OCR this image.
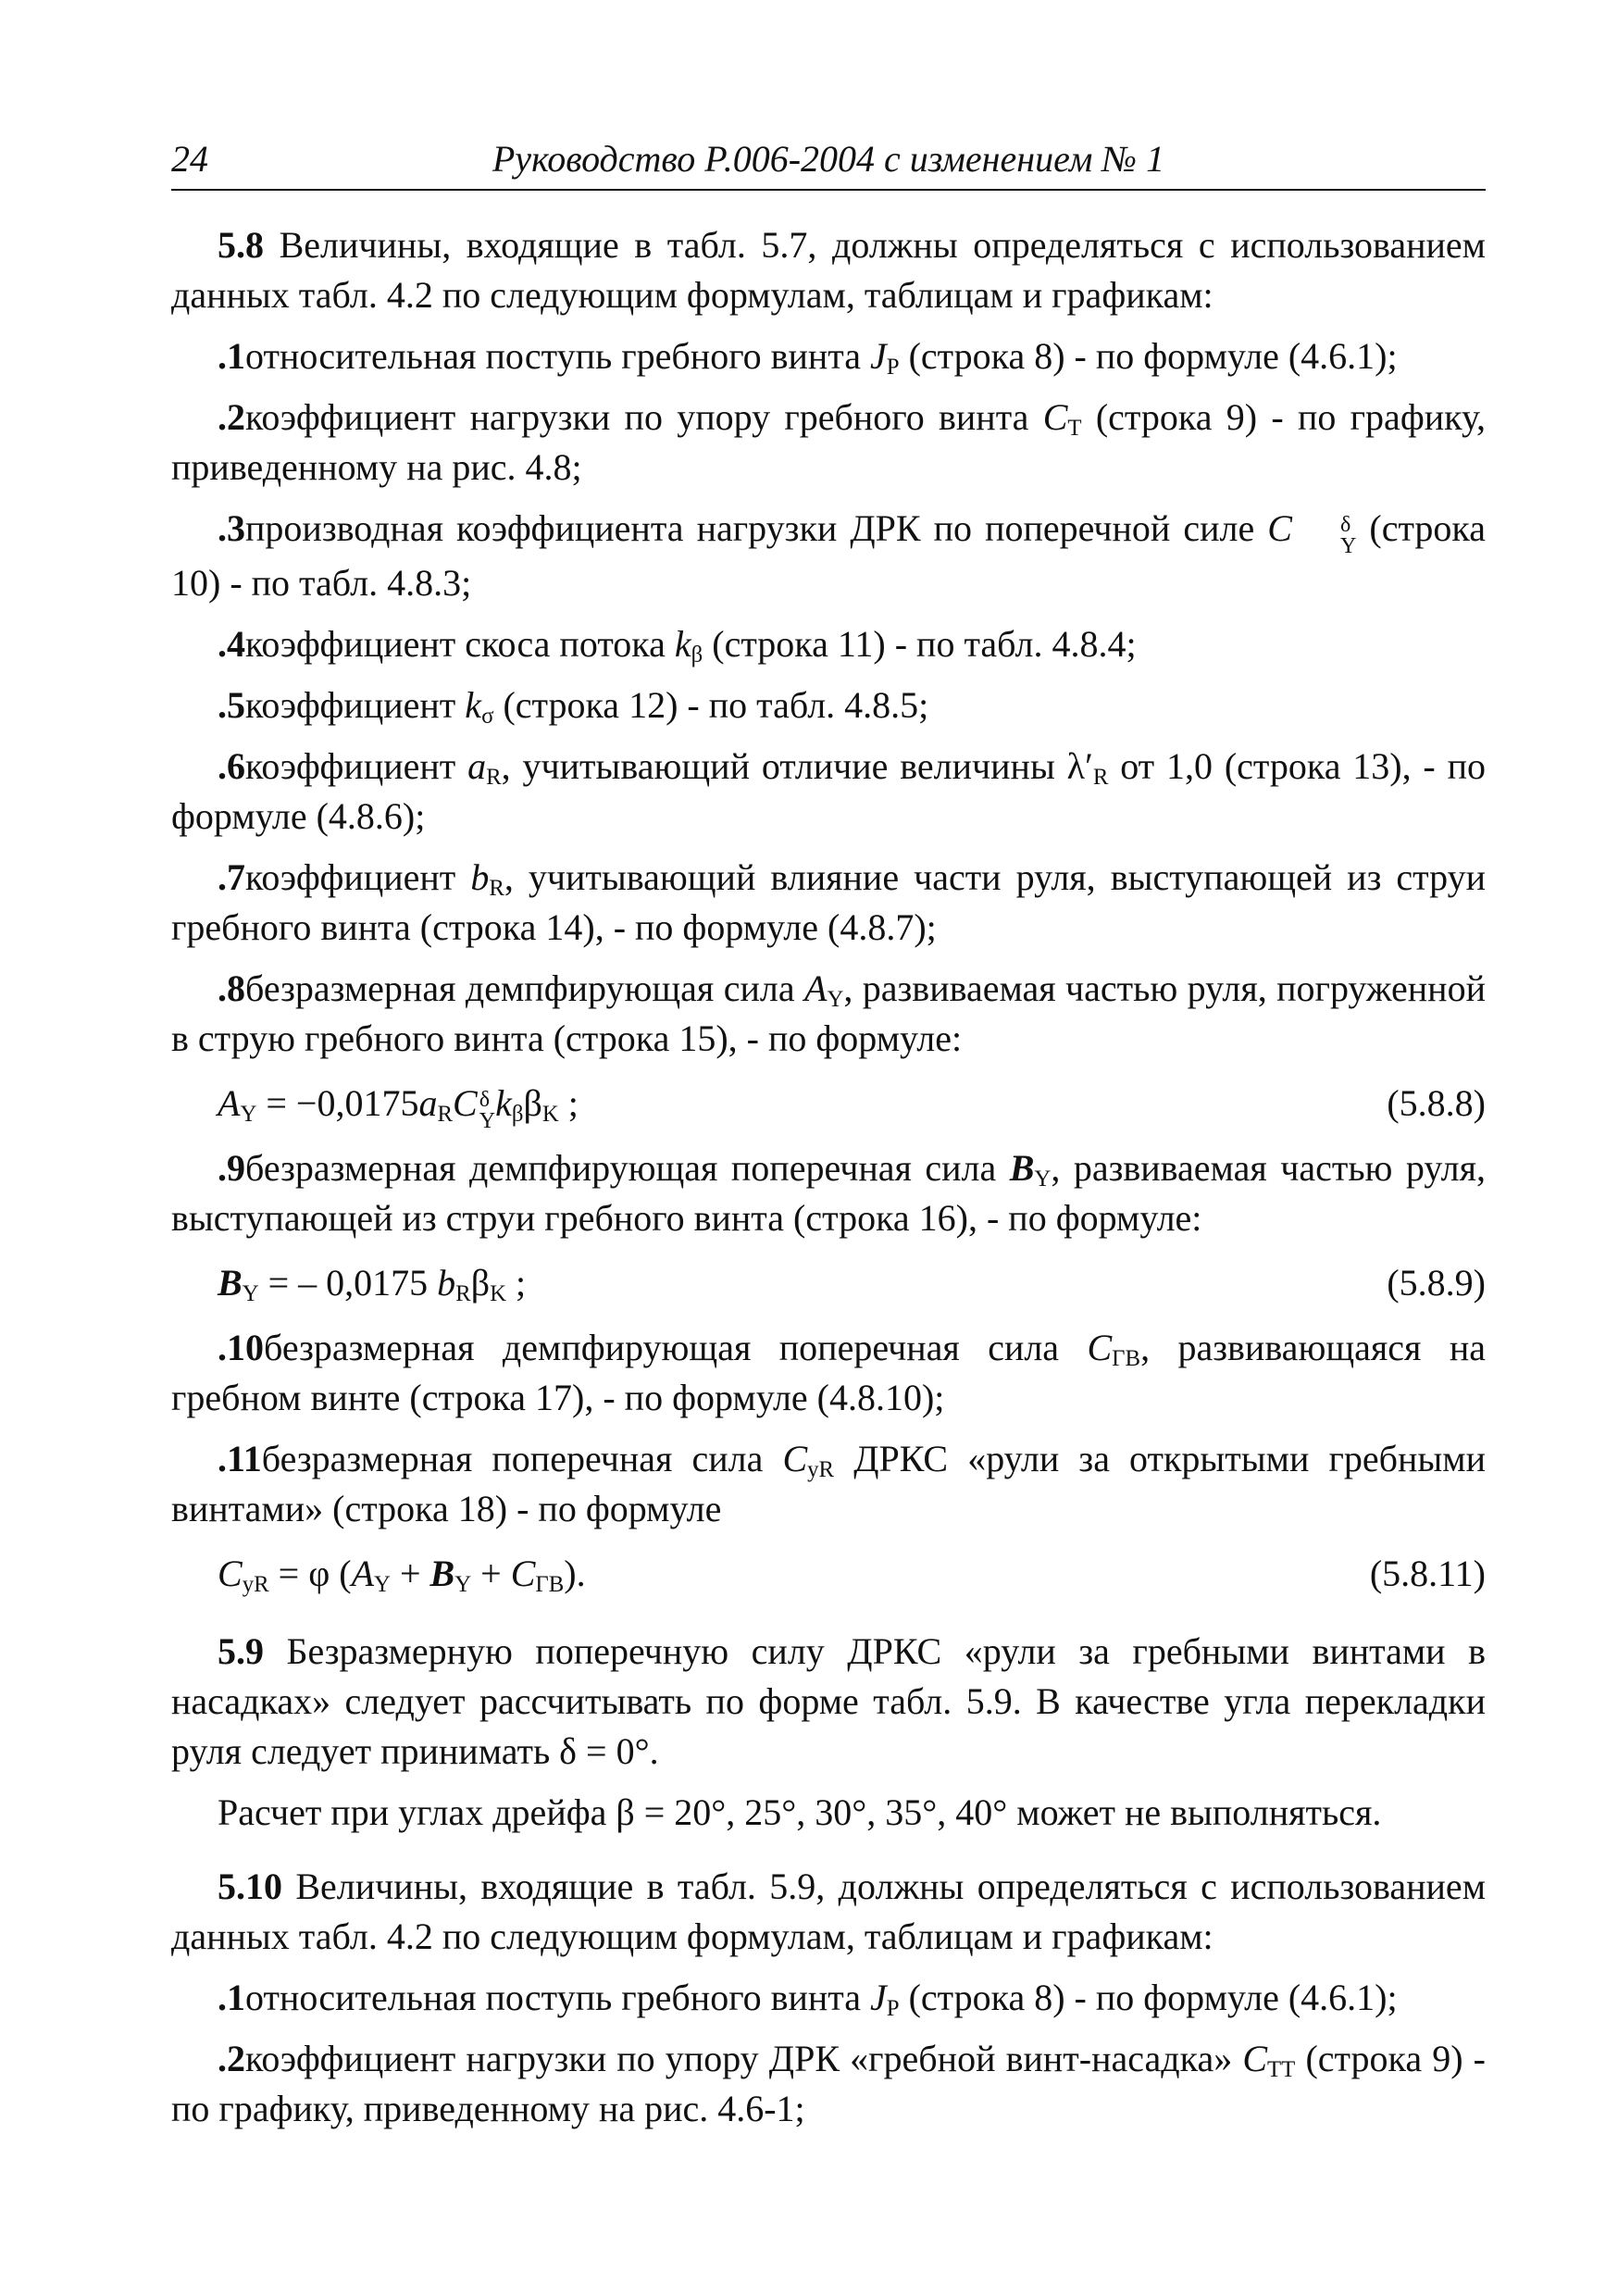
24	Руководство Р.006-2004 с изменением № 1

5.8 Величины, входящие в табл. 5.7, должны определяться с использованием данных табл. 4.2 по следующим формулам, таблицам и графикам:

.1относительная поступь гребного винта $J_P$ (строка 8) - по формуле (4.6.1);

.2коэффициент нагрузки по упору гребного винта $C_T$ (строка 9) - по графику, приведенному на рис. 4.8;

.3производная коэффициента нагрузки ДРК по поперечной силе C	δ
Y (строка 10) - по табл. 4.8.3;

.4коэффициент скоса потока $k_\beta$ (строка 11) - по табл. 4.8.4;

.5коэффициент $k_\sigma$ (строка 12) - по табл. 4.8.5;

.6коэффициент $a_R$, учитывающий отличие величины $\lambda'_R$ от 1,0 (строка 13), - по формуле (4.8.6);

.7коэффициент $b_R$, учитывающий влияние части руля, выступающей из струи гребного винта (строка 14), - по формуле (4.8.7);

.8безразмерная демпфирующая сила $A_Y$, развиваемая частью руля, погруженной в струю гребного винта (строка 15), - по формуле:

$A_Y = -0,0175a_RC$ δ
Y $k_\beta\beta_K$ ;	(5.8.8)

.9безразмерная демпфирующая поперечная сила $B_Y$, развиваемая частью руля, выступающей из струи гребного винта (строка 16), - по формуле:

$B_Y$ = – 0,0175 $b_R\beta_K$ ;	(5.8.9)

.10безразмерная демпфирующая поперечная сила $C_{ГВ}$, развивающаяся на гребном винте (строка 17), - по формуле (4.8.10);

.11безразмерная поперечная сила $C_{yR}$ ДРКС «рули за открытыми гребными винтами» (строка 18) - по формуле

$C_{yR} = \varphi$ $(A_Y + B_Y + C_{ГВ})$.	(5.8.11)

5.9 Безразмерную поперечную силу ДРКС «рули за гребными винтами в насадках» следует рассчитывать по форме табл. 5.9. В качестве угла перекладки руля следует принимать δ = 0°.

Расчет при углах дрейфа β = 20°, 25°, 30°, 35°, 40° может не выполняться.

5.10 Величины, входящие в табл. 5.9, должны определяться с использованием данных табл. 4.2 по следующим формулам, таблицам и графикам:

.1относительная поступь гребного винта $J_P$ (строка 8) - по формуле (4.6.1);

.2коэффициент нагрузки по упору ДРК «гребной винт-насадка» $C_{TT}$ (строка 9) - по графику, приведенному на рис. 4.6-1;
